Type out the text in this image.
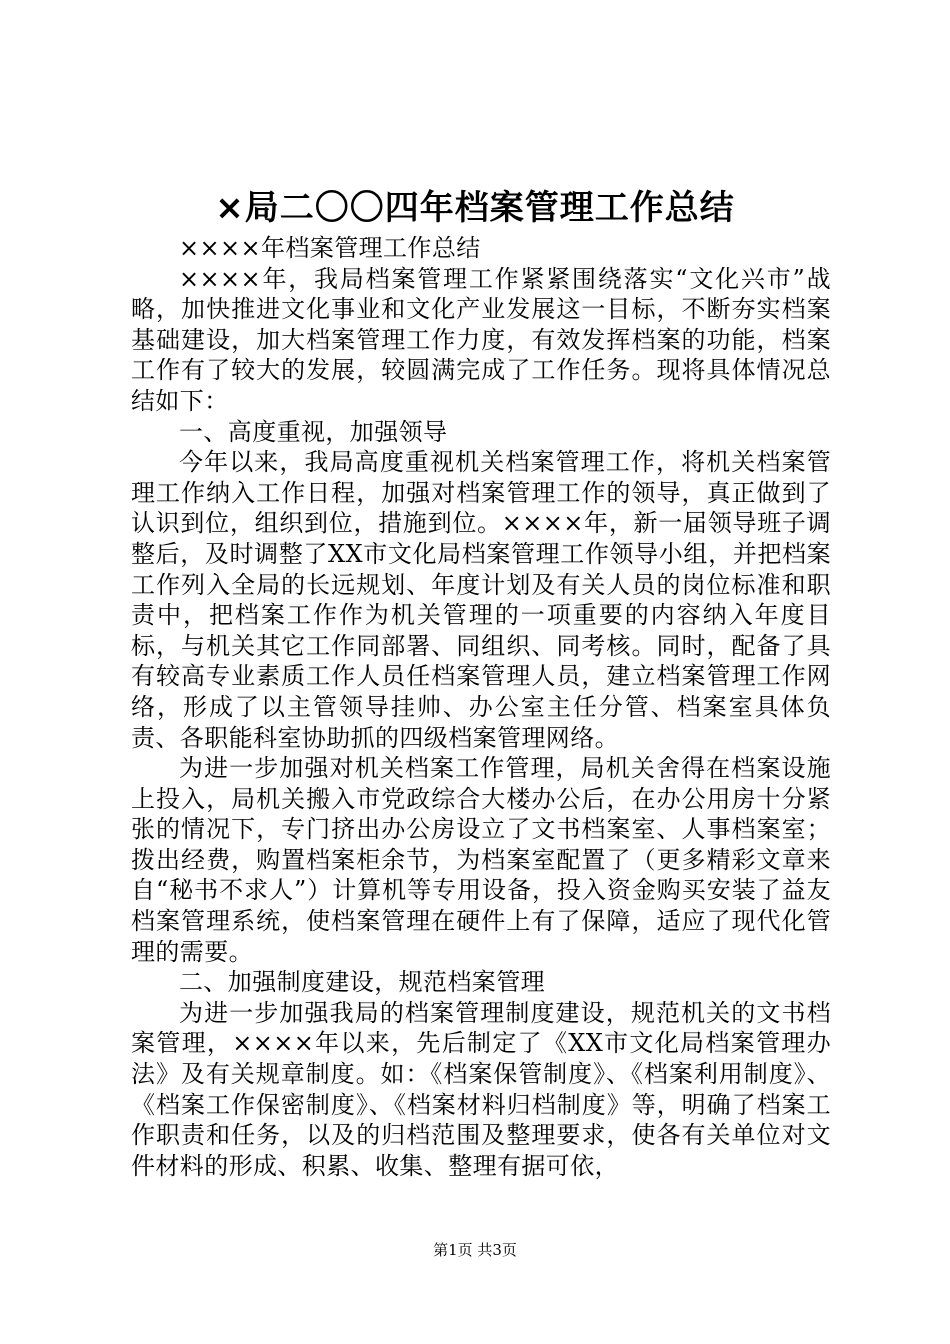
×局二〇〇四年档案管理工作总结

××××年档案管理工作总结

××××年，我局档案管理工作紧紧围绕落实“文化兴市”战略，加快推进文化事业和文化产业发展这一目标，不断夯实档案基础建设，加大档案管理工作力度，有效发挥档案的功能，档案工作有了较大的发展，较圆满完成了工作任务。现将具体情况总结如下：

一、高度重视，加强领导

今年以来，我局高度重视机关档案管理工作，将机关档案管理工作纳入工作日程，加强对档案管理工作的领导，真正做到了认识到位，组织到位，措施到位。××××年，新一届领导班子调整后，及时调整了XX市文化局档案管理工作领导小组，并把档案工作列入全局的长远规划、年度计划及有关人员的岗位标准和职责中，把档案工作作为机关管理的一项重要的内容纳入年度目标，与机关其它工作同部署、同组织、同考核。同时，配备了具有较高专业素质工作人员任档案管理人员，建立档案管理工作网络，形成了以主管领导挂帅、办公室主任分管、档案室具体负责、各职能科室协助抓的四级档案管理网络。

为进一步加强对机关档案工作管理，局机关舍得在档案设施上投入，局机关搬入市党政综合大楼办公后，在办公用房十分紧张的情况下，专门挤出办公房设立了文书档案室、人事档案室；拨出经费，购置档案柜余节，为档案室配置了（更多精彩文章来自“秘书不求人”）计算机等专用设备，投入资金购买安装了益友档案管理系统，使档案管理在硬件上有了保障，适应了现代化管理的需要。

二、加强制度建设，规范档案管理

为进一步加强我局的档案管理制度建设，规范机关的文书档案管理，××××年以来，先后制定了《XX市文化局档案管理办法》及有关规章制度。如：《档案保管制度》、《档案利用制度》、《档案工作保密制度》、《档案材料归档制度》等，明确了档案工作职责和任务，以及的归档范围及整理要求，使各有关单位对文件材料的形成、积累、收集、整理有据可依，

第1页 共3页
